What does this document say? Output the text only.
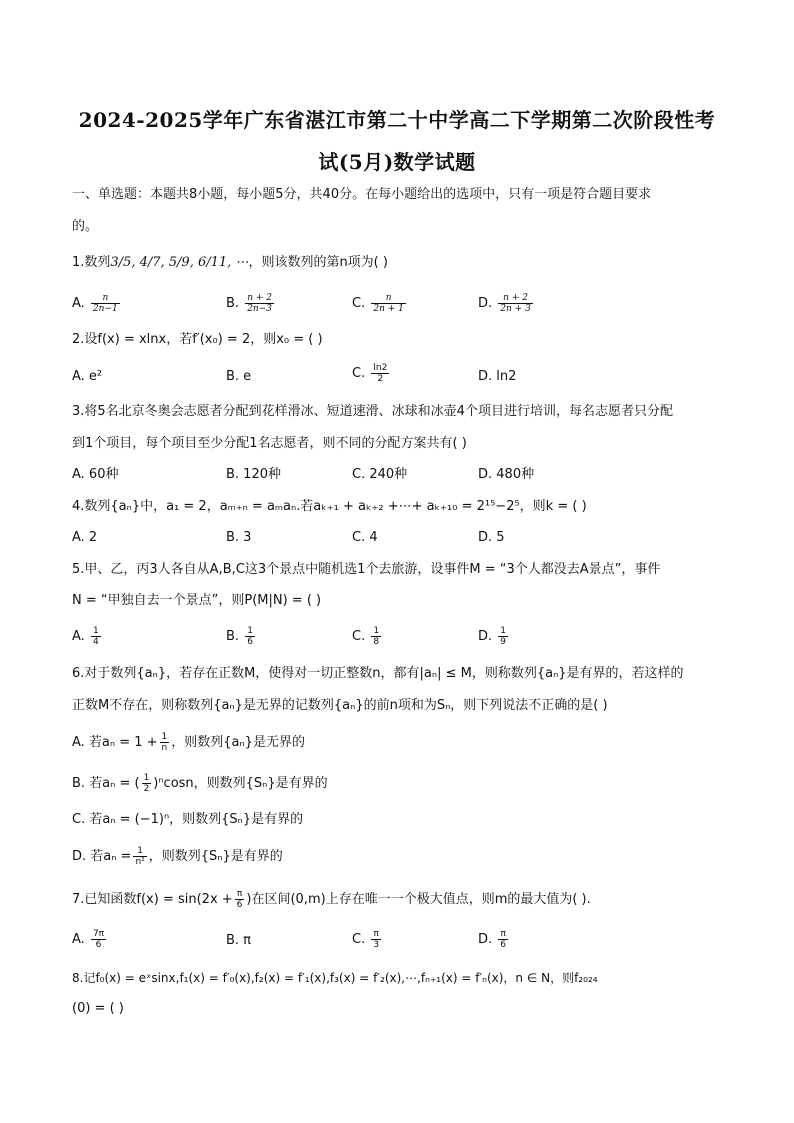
2024-2025学年广东省湛江市第二十中学高二下学期第二次阶段性考
试(5月)数学试题
一、单选题：本题共8小题，每小题5分，共40分。在每小题给出的选项中，只有一项是符合题目要求
的。
1.数列3/5, 4/7, 5/9, 6/11, ⋯，则该数列的第n项为( )
A. $\frac{n}{2n-1}$	B. $\frac{n + 2}{2n-3}$	C. $\frac{n}{2n + 1}$	D. $\frac{n + 2}{2n + 3}$
2.设f(x) = xlnx，若f′(x₀) = 2，则x₀ = ( )
A. e²	B. e	C. $\frac{\ln 2}{2}$	D. ln2
3.将5名北京冬奥会志愿者分配到花样滑冰、短道速滑、冰球和冰壶4个项目进行培训，每名志愿者只分配
到1个项目，每个项目至少分配1名志愿者，则不同的分配方案共有( )
A. 60种	B. 120种	C. 240种	D. 480种
4.数列{aₙ}中，a₁ = 2，aₘ₊ₙ = aₘaₙ.若aₖ₊₁ + aₖ₊₂ +⋯+ aₖ₊₁₀ = 2¹⁵−2⁵，则k = ( )
A. 2	B. 3	C. 4	D. 5
5.甲、乙，丙3人各自从A,B,C这3个景点中随机选1个去旅游，设事件M = “3个人都没去A景点”，事件
N = “甲独自去一个景点”，则P(M|N) = ( )
A. $\frac{1}{4}$	B. $\frac{1}{6}$	C. $\frac{1}{8}$	D. $\frac{1}{9}$
6.对于数列{aₙ}，若存在正数M，使得对一切正整数n，都有|aₙ| ≤ M，则称数列{aₙ}是有界的，若这样的
正数M不存在，则称数列{aₙ}是无界的记数列{aₙ}的前n项和为Sₙ，则下列说法不正确的是( )
A. 若$a_n = 1 + \frac{1}{n}$ ，则数列{aₙ}是无界的
B. 若aₙ = ( $\frac{1}{2} )^n\cos n$，则数列{Sₙ}是有界的
C. 若aₙ = (−1)ⁿ，则数列{Sₙ}是有界的
D. 若$a_n = \frac{1}{\text{n²}}$ ，则数列{Sₙ}是有界的
7.已知函数$f(x) = \sin(2x + \frac{\pi}{6}$ )在区间(0,m)上存在唯一一个极大值点，则m的最大值为( ).
A. $\frac{7\pi}{6}$	B. π	C. $\frac{\pi}{3}$	D. $\frac{\pi}{6}$
8.记f₀(x) = eˣsinx,f₁(x) = f′₀(x),f₂(x) = f′₁(x),f₃(x) = f′₂(x),⋯,fₙ₊₁(x) = f′ₙ(x)，n ∈ N，则f₂₀₂₄
(0) = ( )
